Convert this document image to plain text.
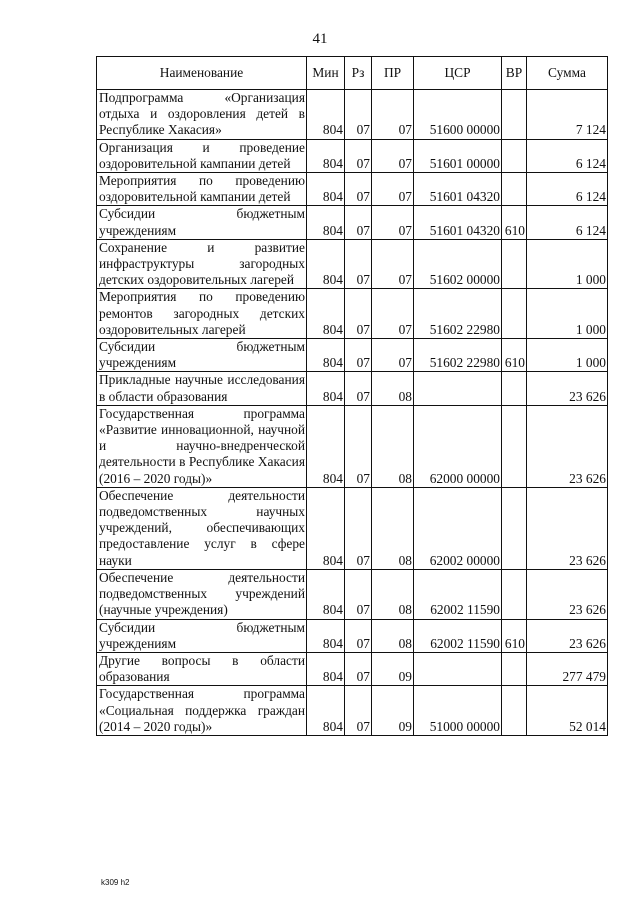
41
Наименование	Мин	Рз	ПР	ЦСР	ВР	Сумма
Подпрограмма «Организация отдыха и оздоровления детей в Республике Хакасия»	804	07	07	51600 00000		7 124
Организация и проведение оздоровительной кампании детей	804	07	07	51601 00000		6 124
Мероприятия по проведению оздоровительной кампании детей	804	07	07	51601 04320		6 124
Субсидии бюджетным учреждениям	804	07	07	51601 04320	610	6 124
Сохранение и развитие инфраструктуры загородных детских оздоровительных лагерей	804	07	07	51602 00000		1 000
Мероприятия по проведению ремонтов загородных детских оздоровительных лагерей	804	07	07	51602 22980		1 000
Субсидии бюджетным учреждениям	804	07	07	51602 22980	610	1 000
Прикладные научные исследования в области образования	804	07	08			23 626
Государственная программа «Развитие инновационной, научной и научно-внедренческой деятельности в Республике Хакасия (2016 – 2020 годы)»	804	07	08	62000 00000		23 626
Обеспечение деятельности подведомственных научных учреждений, обеспечивающих предоставление услуг в сфере науки	804	07	08	62002 00000		23 626
Обеспечение деятельности подведомственных учреждений (научные учреждения)	804	07	08	62002 11590		23 626
Субсидии бюджетным учреждениям	804	07	08	62002 11590	610	23 626
Другие вопросы в области образования	804	07	09			277 479
Государственная программа «Социальная поддержка граждан (2014 – 2020 годы)»	804	07	09	51000 00000		52 014
k309 h2
